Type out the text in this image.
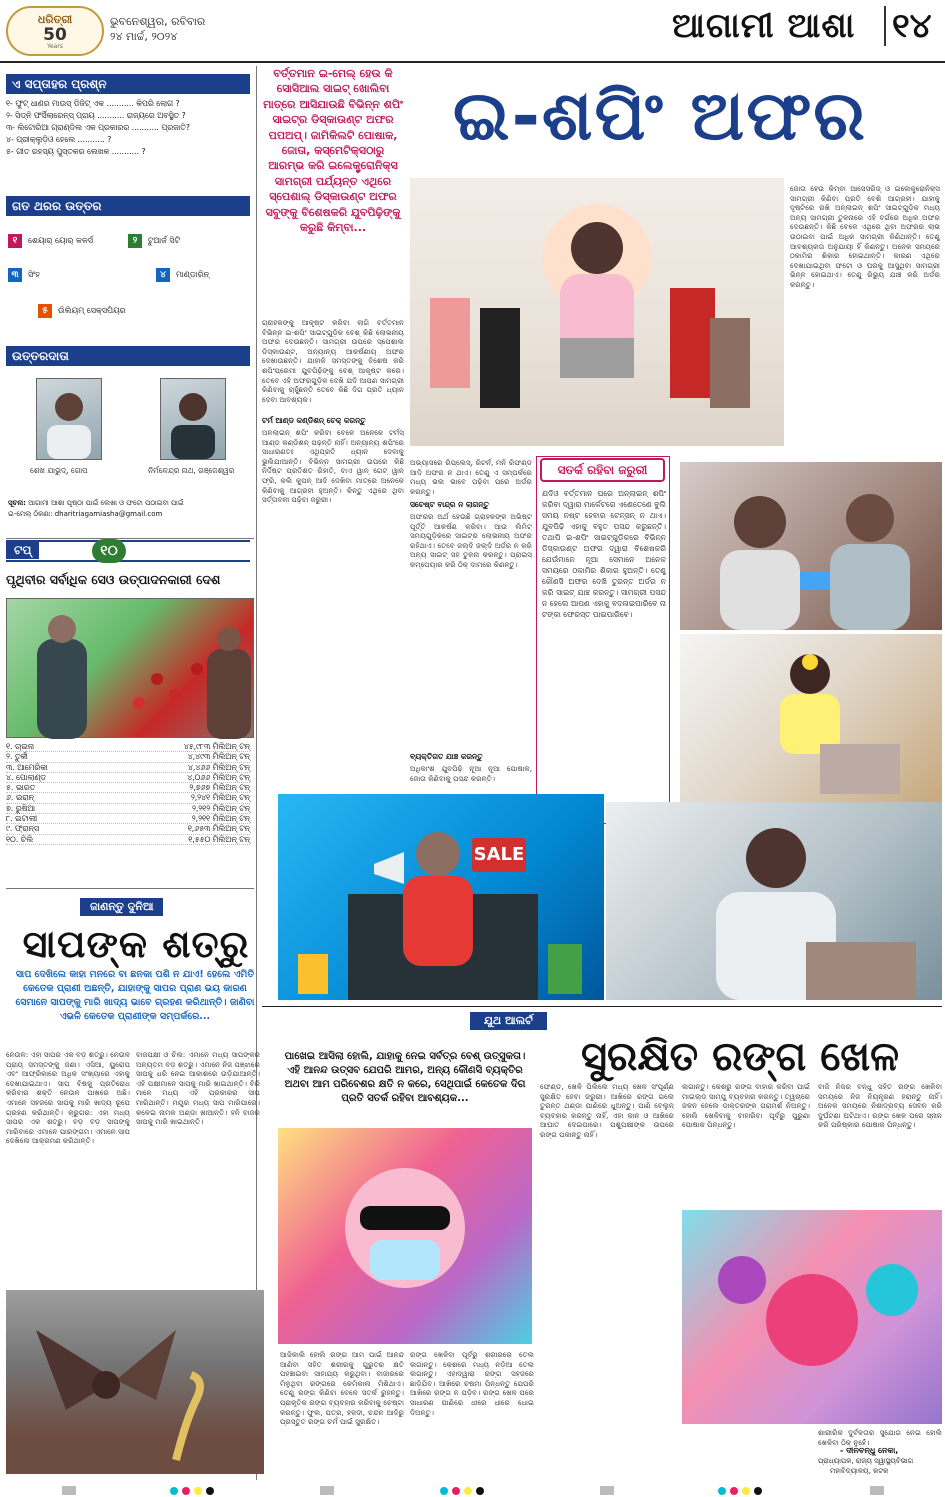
ଧରିତ୍ରୀ
50
Years
ଭୁବନେଶ୍ୱର, ରବିବାର
୨୪ ମାର୍ଚ୍ଚ, ୨୦୨୪	ଆଗାମୀ ଆଶା ୧୪
ଏ ସପ୍ତାହର ପ୍ରଶ୍ନ
୧- ଫୁଟ୍ ଧାଣର ମାଉସ୍ ଡିଜିଟ୍ ଏକ ........... କିପରି ଲୋଗ ?
୨- ସିଡ୍ନି ଫର୍ସିଲାରେନ୍ସ୍ ପ୍ରାୟ ........... ରାଜ୍ୟରେ ଅବସ୍ଥିତ ?
୩- ଲିଟୋରିଆ ଗ୍ରାଣ୍ଡିଲ ଏକ ପ୍ରକାରର ........... ପ୍ରଜାତି?
୪- ପ୍ରୀକ୍ଲୁଡ଼ିଓ ହେଲେ ........... ?
୫- ଗୀତ ରହସ୍ୟ ପୁସ୍ତକର ଲେଖକ ........... ?
ଗତ ଥରର ଉତ୍ତର
୧	ଶେୟାର୍ ୟୋର୍ କଳର୍ସ	୨	ଟୁଆର୍ଜ ସିଟି
୩	ସିଂହ	୪	ମାଣ୍ଡାରିନ୍
୫	ଉିଲିୟମ୍ ସେକ୍ସପିୟର
ଉତ୍ତରଦାତା
ଶେଖ ଯାଭୁଦ୍, ଗୋପ	ନିର୍ମଳେନ୍ଦ୍ର ନାଥ, ଗଞ୍ଜେଶ୍ୱର
ସୂଚନା: ଆଗାମୀ ଆଶା ପୃଷ୍ଠା ପାଇଁ ଲେଖା ଓ ଫଟୋ ପଠାଇବା ପାଇଁ
ଇ-ମେଲ୍ ଠିକଣା: dharitriagamiasha@gmail.com
ଟପ୍	୧୦
ପୃଥିବୀର ସର୍ବାଧିକ ସେଓ ଉତ୍ପାଦନକାରୀ ଦେଶ
୧. ଚାଇନା	୪୫,୯୮୩ ମିଲିଅନ୍ ଟନ୍
୨. ତୁର୍କୀ	୪,୪୯୩ ମିଲିଅନ୍ ଟନ୍
୩. ଆମେରିକା	୪,୪୬୬ ମିଲିଅନ୍ ଟନ୍
୪. ପୋଲାଣ୍ଡ	୪,୦୬୬ ମିଲିଅନ୍ ଟନ୍
୫. ଭାରତ	୨,୭୬୭ ମିଲିଅନ୍ ଟନ୍
୬. ଇରାନ୍	୨,୨୪୧ ମିଲିଅନ୍ ଟନ୍
୭. ରୁଷିଆ	୨,୨୧୨ ମିଲିଅନ୍ ଟନ୍
୮. ଇଟାଲୀ	୨,୨୧୧ ମିଲିଅନ୍ ଟନ୍
୯. ଫ୍ରାନ୍ସ	୧,୬୫୩ ମିଲିଅନ୍ ଟନ୍
୧୦. ଚିଲି	୧,୫୫୦ ମିଲିଅନ୍ ଟନ୍
ଜାଣନ୍ତୁ ଦୁନିଆ
ସାପଙ୍କ ଶତ୍ରୁ
ସାପ ଦେଖିଲେ କାହା ମନରେ ବା ଛନକା ପଶି ନ ଯାଏ! ହେଲେ ଏମିତି କେତେକ ପ୍ରାଣୀ ଅଛନ୍ତି, ଯାହାଙ୍କୁ ସାପର ପ୍ରାଣ ଭୟ କାରଣ ସେମାନେ ସାପଙ୍କୁ ମାରି ଖାଦ୍ୟ ଭାବେ ଗ୍ରହଣ କରିଥାନ୍ତି। ଜାଣିବା ଏଭଳି କେତେକ ପ୍ରାଣୀଙ୍କ ସମ୍ପର୍କରେ...
ନେଉଳ: ଏହା ସାପର ଏକ ବଡ଼ ଶତ୍ରୁ। ନେଉଳ ପ୍ରାୟ ସମସ୍ତଙ୍କୁ ଜଣା। ଏସିଆ, ୟୁରୋପ ଏବଂ ଆଫ୍ରିକାରେ ଅଧିକ ସଂଖ୍ୟାରେ ଏହାକୁ ଦେଖାଯାଇଥାଏ। ସାପ ବିଷକୁ ପ୍ରତିରୋଧ କରିବାର ଶକ୍ତି ନେଉଳ ପାଖରେ ଅଛି। ଏମାନେ ସହଜରେ ସାପକୁ ମାରି ଖାଦ୍ୟ ରୂପେ ଗ୍ରହଣ କରିଥାନ୍ତି। କ୍ରୁଗର: ଏହା ମଧ୍ୟ ସାପର ଏକ ଶତ୍ରୁ। ବଡ଼ ବଡ଼ ସାପଙ୍କୁ ମାରିବାରେ ଏମାନେ ପାରଙ୍ଗମ। ଏମାନେ ସାପ ଦେଖିଲେ ଆକ୍ରମଣ କରିଥାନ୍ତି।
ବାଜପକ୍ଷୀ ଓ ଚିଲ: ଏମାନେ ମଧ୍ୟ ସାପଙ୍କର ଅନ୍ୟତମ ବଡ଼ ଶତ୍ରୁ। ଏମାନେ ନିଜ ପଞ୍ଝାରେ ସାପକୁ ଧରି ନେଇ ଆକାଶରେ ଉଡ଼ିଯାଆନ୍ତି। ଏହି ପକ୍ଷୀମାନେ ସାପକୁ ମାରି ଖାଇଥାନ୍ତି। ବିରି ମାନେ ମଧ୍ୟ ଏହି ପ୍ରକାରର ସାପ ମାରିଥାନ୍ତି। ମୟୂର ମଧ୍ୟ ସାପ ମାରିପାରେ। କଳେଇ ନାମକ ଅଣ୍ଡା ଖାଆନ୍ତି। ହନି ବାଜର ସାପକୁ ମାରି ଖାଇଥାନ୍ତି।
ବର୍ତ୍ତମାନ ଇ-ମେଲ୍ ହେଉ କି ସୋସିଆଲ ସାଇଟ୍ ଖୋଲିବା ମାତ୍ରେ ଆସିଯାଉଛି ବିଭିନ୍ନ ଶପିଂ ସାଇଟ୍ର ଡିସ୍କାଉଣ୍ଟ ଅଫର ପପଅପ୍। ଜାମିକିଲଟି ପୋଷାକ, ଜୋତା, କସ୍ମେଟିକ୍ସଠାରୁ ଆରମ୍ଭ କରି ଇଲେକ୍ଟ୍ରୋନିକ୍ସ ସାମଗ୍ରୀ ପର୍ଯ୍ୟନ୍ତ ଏଥିରେ ସ୍ପେଶାଲ୍ ଡିସ୍କାଉଣ୍ଟ ଅଫର ସବୁଙ୍କୁ ବିଶେଷକରି ଯୁବପିଢ଼ିଙ୍କୁ କରୁଛି କିମ୍ବା...
ଇ-ଶପିଂ ଅଫର
ଗ୍ରାହକଙ୍କୁ ଆକୃଷ୍ଟ କରିବା ଲାଗି ବର୍ତ୍ତମାନ ବିଭିନ୍ନ ଇ-ଶପିଂ ସାଇଟ୍ଗୁଡ଼ିକ ବେଶ୍ କିଛି ଲୋଭନୀୟ ଅଫର ଦେଉଛନ୍ତି। ସାମଗ୍ରୀ ଉପରେ ସ୍ପେଶାଲ ଡିସ୍କାଉଣ୍ଟ, ଅନ୍ୟାନ୍ୟ ଆକର୍ଷଣୀୟ ଅଫର ଦେଖାଉଛନ୍ତି। ଯାହାକି ସମସ୍ତଙ୍କୁ ବିଶେଷ କରି ଶପିଂପ୍ରେମୀ ଯୁବପିଢ଼ିଙ୍କୁ ବେଶ୍ ଆକୃଷ୍ଟ କରେ। ତେବେ ଏହି ଅଫରଗୁଡ଼ିକ ଦେଖି ଯଦି ଆପଣ ସାମଗ୍ରୀ କିଣିବାକୁ ଚାହୁଁଛନ୍ତି ତେବେ କିଛି ଦିଗ ପ୍ରତି ଧ୍ୟାନ ଦେବା ଆବଶ୍ୟକ।
ଟର୍ମ ଆଣ୍ଡ କଣ୍ଡିଶନ୍ ଚେକ୍ କରନ୍ତୁ
ଅନଲାଇନ୍ ଶପିଂ କରିବା ବେଳେ ଅନେକେ ଟର୍ମସ୍ ଆଣ୍ଡ କଣ୍ଡିଶନ୍ ପଢ଼ନ୍ତି ନାହିଁ। ଅନ୍ୟାନ୍ୟ ଶପିଂରେ ସାଧାରଣତଃ ଏଥିପ୍ରତି ଧ୍ୟାନ ଦେବାକୁ ଭୁଲିଯାଆନ୍ତି। ବିଭିନ୍ନ ସାମଗ୍ରୀ ଉପରେ କିଛି ନିର୍ଦ୍ଦିଷ୍ଟ ପ୍ରତିଶତ ରିହାତି, ବାଏ ୱାନ୍ ଗେଟ୍ ୱାନ୍ ଫ୍ରି, କଲି କୁପନ୍ ଆଦି ଦେଖିବା ମାତ୍ରେ ଅନେକେ କିଣିବାକୁ ଆଗ୍ରହୀ ହୁଅନ୍ତି। କିନ୍ତୁ ଏଥିରେ ଥିବା ସର୍ତ୍ତାବଳୀ ପଢ଼ିବା ଜରୁରୀ।
ଅଭ୍ୟାସରେ ରିପ୍ଲେସ୍, ରିଟର୍ନ, ମନି ରିଫଣ୍ଡ ଆଦି ଅଫର ନ ଥାଏ। ତେଣୁ ଏ ସମ୍ପର୍କରେ ମଧ୍ୟ ଭଲ ଭାବେ ପଢ଼ିବା ପରେ ଅର୍ଡର କରନ୍ତୁ।
ସଚେଷ୍ଟ ବାନ୍ଦ୍ର ନ ଲାଗନ୍ତୁ
ଅଫରର ଅର୍ଥ ହେଉଛି ଗ୍ରାହକଙ୍କ ଅଭିଷ୍ଟ ପୂର୍ତ୍ତି ଆକର୍ଷଣ କରିବା। ଆଉ ଲିମିଟ୍ ସମୟଗୁଡ଼ିକରେ ସାଇଟ୍ର ଲୋଭନୀୟ ଅଫର ରହିଥାଏ। ତେବେ ଜଲ୍ଦି ଜଲ୍ଦି ଅର୍ଡର ନ କରି ଅନ୍ୟ ସାଇଟ୍ ସହ ତୁଳନା କରନ୍ତୁ। ପ୍ରାଇସ୍ କମ୍ପେୟାର କରି ଠିକ୍ ଦାମରେ କିଣନ୍ତୁ।
ବ୍ୟକ୍ତିଗତ ଯାଞ୍ଚ କରନ୍ତୁ
ଅଧିକାଂଶ ଯୁବପିଢ଼ି ନୂଆ ନୂଆ ପୋଷାକ, ଜୋତା କିଣିବାକୁ ପସନ୍ଦ କରନ୍ତି।
ଜୋତା ହେଉ କିମ୍ବା ଆସେସରିଜ୍ ଓ ଇଲେକ୍ଟ୍ରୋନିକ୍ସ ସାମଗ୍ରୀ କିଣିବା ପ୍ରତି ବେଶି ଆଗ୍ରହୀ। ଯାହାକୁ ଦୃଷ୍ଟିରେ ରଖି ଅନ୍ଲାଇନ୍ ଶପିଂ ସାଇଟ୍ଗୁଡ଼ିକ ମଧ୍ୟ ଅନ୍ୟ ସାମଗ୍ରୀ ତୁଳନାରେ ଏହି ବର୍ଗରେ ଅଧିକ ଅଫର ଦେଉଛନ୍ତି। କିଛି ବେଳେ ଏଥିରେ ଥିବା ଅଫରର ଲାଭ ଉଠାଇବା ପାଇଁ ଅଧିକ ସାମଗ୍ରୀ କିଣିଥାନ୍ତି। ତେଣୁ ଆବଶ୍ୟକତା ଅନୁଯାୟୀ ହିଁ କିଣନ୍ତୁ। ଅନେକ ସମୟରେ ଠକାମିର ଶିକାର ହୋଇଥାନ୍ତି। କାରଣ ଏଥିରେ ଦେଖାଯାଇଥିବା ଫଟୋ ଓ ଘରକୁ ଆସୁଥିବା ସାମଗ୍ରୀ ଭିନ୍ନ ହୋଇଥାଏ। ତେଣୁ ରିଭ୍ୟୁ ଯାଞ୍ଚ କରି ଅର୍ଡର କରନ୍ତୁ।
ସତର୍କ ରହିବା ଜରୁରୀ
ଯଦିଓ ବର୍ତ୍ତମାନ ଘରେ ଅନ୍ଲାଇନ୍ ଶପିଂ କରିବା ଦ୍ୱାରା ମାର୍କେଟରେ ଏଣେତେଣେ ବୁଲି ସମୟ ନଷ୍ଟ ହେବାର ଟେନ୍ସନ୍ ନ ଥାଏ। ଯୁବପିଢ଼ି ଏହାକୁ ବହୁତ ପସନ୍ଦ କରୁଛନ୍ତି। ତଥାପି ଇ-ଶପିଂ ସାଇଟ୍ଗୁଡ଼ିକରେ ବିଭିନ୍ନ ଡିସ୍କାଉଣ୍ଟ ଅଫର ଦ୍ୱାରା ବିଶେଷକରି ଯେଉଁମାନେ ନୂଆ ସେମାନେ ଅନେକ ସମୟରେ ଠକାମିର ଶିକାର ହୁଅନ୍ତି। ତେଣୁ କୌଣସି ଅଫର ଦେଖି ତୁରନ୍ତ ଅର୍ଡର ନ କରି ସାଇଟ୍ ଯାଞ୍ଚ କରନ୍ତୁ। ସାମଗ୍ରୀ ପସନ୍ଦ ନ ହେଲେ ଆପଣ ଏହାକୁ ବଦଳାଇପାରିବେ ନା ଟଙ୍କା ଫେରସ୍ତ ପାଇପାରିବେ।
SALE
ଯୁଥ ଆଲର୍ଟ
ପାଖେଇ ଆସିଲା ହୋଲି, ଯାହାକୁ ନେଇ ସର୍ବତ୍ର ବେଶ୍ ଉତ୍ସୁକତା। ଏହି ଆନନ୍ଦ ଉତ୍ସବ ଯେପରି ଆମର, ଅନ୍ୟ କୌଣସି ବ୍ୟକ୍ତିର ଅଥବା ଆମ ପରିବେଶର କ୍ଷତି ନ କରେ, ସେଥିପାଇଁ କେତେକ ଦିଗ ପ୍ରତି ସତର୍କ ରହିବା ଆବଶ୍ୟକ...
ସୁରକ୍ଷିତ ରଙ୍ଗ ଖେଳ
ଆଜିକାଲି ହୋଲି ରଙ୍ଗ ଆମ ପାଇଁ ଆନନ୍ଦ ଆଣିବା ସହିତ ଶରୀରକୁ ଗୁରୁତର କ୍ଷତି ପହଞ୍ଚାଇବା ସାହାଯ୍ୟ କରୁଥିବା। ବାଜାରରେ ମିଳୁଥିବା ରଙ୍ଗରେ କେମିକାଲ ମିଶିଥାଏ। ତେଣୁ ରଙ୍ଗ କିଣିବା ବେଳେ ସତର୍କ ରୁହନ୍ତୁ। ପ୍ରାକୃତିକ ରଙ୍ଗ ବ୍ୟବହାର କରିବାକୁ ଚେଷ୍ଟା କରନ୍ତୁ। ଫୁଲ, ପତ୍ର, ହଳଦୀ, ଚନ୍ଦନ ଆଦିରୁ ପ୍ରସ୍ତୁତ ରଙ୍ଗ ଚର୍ମ ପାଇଁ ସୁରକ୍ଷିତ।
ରଙ୍ଗ ଖେଳିବା ପୂର୍ବରୁ ଶରୀରରେ ତେଲ ଲଗାନ୍ତୁ। କେଶରେ ମଧ୍ୟ ନଡ଼ିଆ ତେଲ ଲଗାନ୍ତୁ। ଏହାଦ୍ୱାରା ରଙ୍ଗ ସହଜରେ ଛାଡ଼ିଯିବ। ଆଖିରେ ଚଷମା ପିନ୍ଧନ୍ତୁ ଯେପରି ଆଖିରେ ରଙ୍ଗ ନ ପଡ଼ିବ। ରଙ୍ଗ ଖେଳ ପରେ ସାଧାରଣ ପାଣିରେ ଧୀରେ ଧୀରେ ଧୋଇ ଦିଅନ୍ତୁ।
ଫେଣ୍ଡ, ଖେଳି ପିଲିଲେ ମଧ୍ୟ ଖେଳ ସଂପୂର୍ଣ୍ଣ ସୁରକ୍ଷିତ ହେବା ଜରୁରୀ। ଆଖିରେ ରଙ୍ଗ ଗଲେ ତୁରନ୍ତ ଥଣ୍ଡା ପାଣିରେ ଧୁଅନ୍ତୁ। ପାଣି ବେଲୁନ୍ ବ୍ୟବହାର କରନ୍ତୁ ନାହିଁ, ଏହା କାନ ଓ ଆଖିରେ ଆଘାତ ଦେଇପାରେ। ପଶୁପକ୍ଷୀଙ୍କ ଉପରେ ରଙ୍ଗ ପକାନ୍ତୁ ନାହିଁ।
ଲଗାନ୍ତୁ। କେଶରୁ ରଙ୍ଗ ବାହାର କରିବା ପାଇଁ ମାଇଲ୍ଡ ସାମ୍ପୁ ବ୍ୟବହାର କରନ୍ତୁ। ତ୍ୱଚାରେ ଜଳନ ହେଲେ ଡାକ୍ତରଙ୍କ ପରାମର୍ଶ ନିଅନ୍ତୁ। ହୋଲି ଖେଳିବାକୁ ବାହାରିବା ପୂର୍ବରୁ ପୁରୁଣା ପୋଷାକ ପିନ୍ଧନ୍ତୁ।
ବାଜି ନିଜର ବନ୍ଧୁ ସହିତ ରଙ୍ଗ ଖେଳିବା ସମୟରେ ନିଜ ନିୟନ୍ତ୍ରଣ ହରାନ୍ତୁ ନାହିଁ। ଅନେକ ସମୟରେ ନିଶାଦ୍ରବ୍ୟ ସେବନ କରି ଦୁର୍ଘଟଣା ଘଟିଥାଏ। ରଙ୍ଗ ଖେଳ ପରେ ସ୍ନାନ କରି ପରିଷ୍କାର ପୋଷାକ ପିନ୍ଧନ୍ତୁ।
ଶାରୀରିକ ଦୁର୍ବଳତାର ସୁଯୋଗ ନେଇ ହୋଲି ଖେଳିବା ଠିକ୍ ନୁହେଁ।
- ଦୀନବନ୍ଧୁ ନେକା,
ପ୍ରାଧ୍ୟାପକ, ରାଜ୍ୟ ସ୍ୱାସ୍ଥ୍ୟବିଭାଗ
ମହାବିଦ୍ୟାଳୟ, କଟକ
